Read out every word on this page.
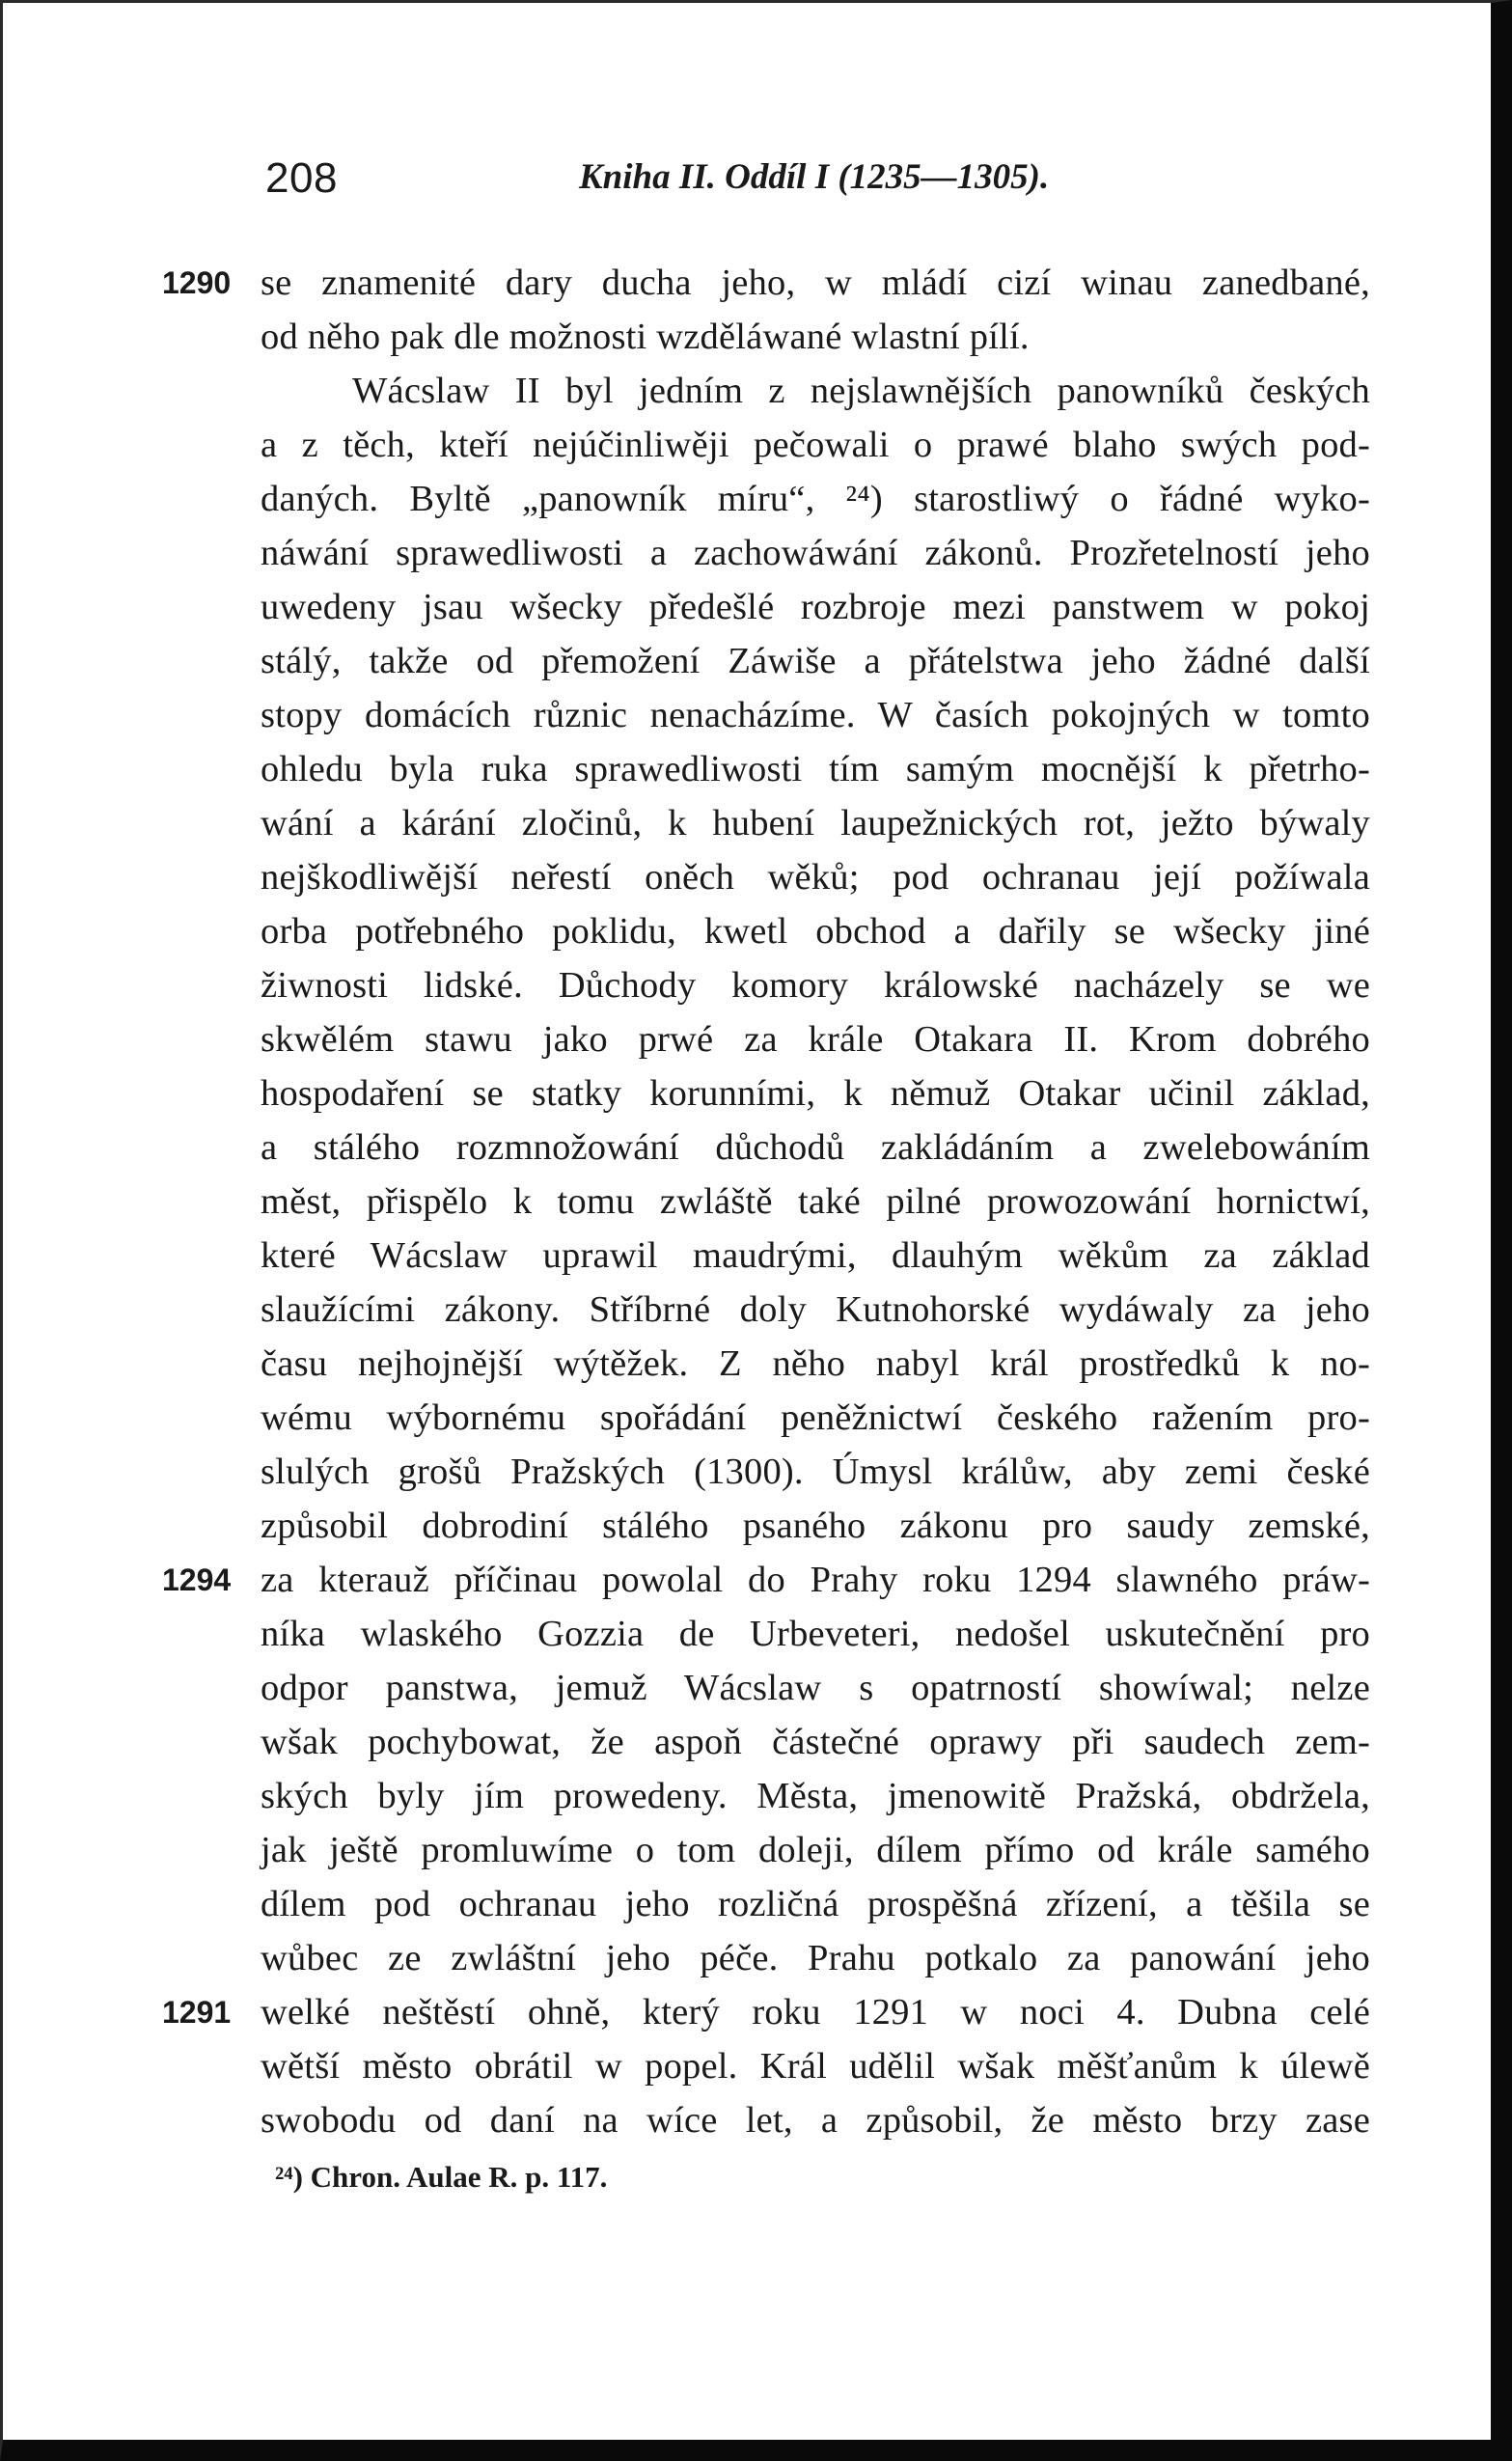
208	Kniha II. Oddíl I (1235—1305).
1290
1294
1291
se znamenité dary ducha jeho, w mládí cizí winau zanedbané,
od něho pak dle možnosti wzděláwané wlastní pílí.
Wácslaw II byl jedním z nejslawnějších panowníků českých
a z těch, kteří nejúčinliwěji pečowali o prawé blaho swých pod-
daných. Byltě „panowník míru“, ²⁴) starostliwý o řádné wyko-
náwání sprawedliwosti a zachowáwání zákonů. Prozřetelností jeho
uwedeny jsau wšecky předešlé rozbroje mezi panstwem w pokoj
stálý, takže od přemožení Záwiše a přátelstwa jeho žádné další
stopy domácích různic nenacházíme. W časích pokojných w tomto
ohledu byla ruka sprawedliwosti tím samým mocnější k přetrho-
wání a kárání zločinů, k hubení laupežnických rot, ježto býwaly
nejškodliwější neřestí oněch wěků; pod ochranau její požíwala
orba potřebného poklidu, kwetl obchod a dařily se wšecky jiné
žiwnosti lidské. Důchody komory králowské nacházely se we
skwělém stawu jako prwé za krále Otakara II. Krom dobrého
hospodaření se statky korunními, k němuž Otakar učinil základ,
a stálého rozmnožowání důchodů zakládáním a zwelebowáním
měst, přispělo k tomu zwláště také pilné prowozowání hornictwí,
které Wácslaw uprawil maudrými, dlauhým wěkům za základ
slaužícími zákony. Stříbrné doly Kutnohorské wydáwaly za jeho
času nejhojnější wýtěžek. Z něho nabyl král prostředků k no-
wému wýbornému spořádání peněžnictwí českého ražením pro-
slulých grošů Pražských (1300). Úmysl králůw, aby zemi české
způsobil dobrodiní stálého psaného zákonu pro saudy zemské,
za kterauž příčinau powolal do Prahy roku 1294 slawného práw-
níka wlaského Gozzia de Urbeveteri, nedošel uskutečnění pro
odpor panstwa, jemuž Wácslaw s opatrností showíwal; nelze
wšak pochybowat, že aspoň částečné oprawy při saudech zem-
ských byly jím prowedeny. Města, jmenowitě Pražská, obdržela,
jak ještě promluwíme o tom doleji, dílem přímo od krále samého
dílem pod ochranau jeho rozličná prospěšná zřízení, a těšila se
wůbec ze zwláštní jeho péče. Prahu potkalo za panowání jeho
welké neštěstí ohně, který roku 1291 w noci 4. Dubna celé
wětší město obrátil w popel. Král udělil wšak měšťanům k úlewě
swobodu od daní na wíce let, a způsobil, že město brzy zase
²⁴) Chron. Aulae R. p. 117.
